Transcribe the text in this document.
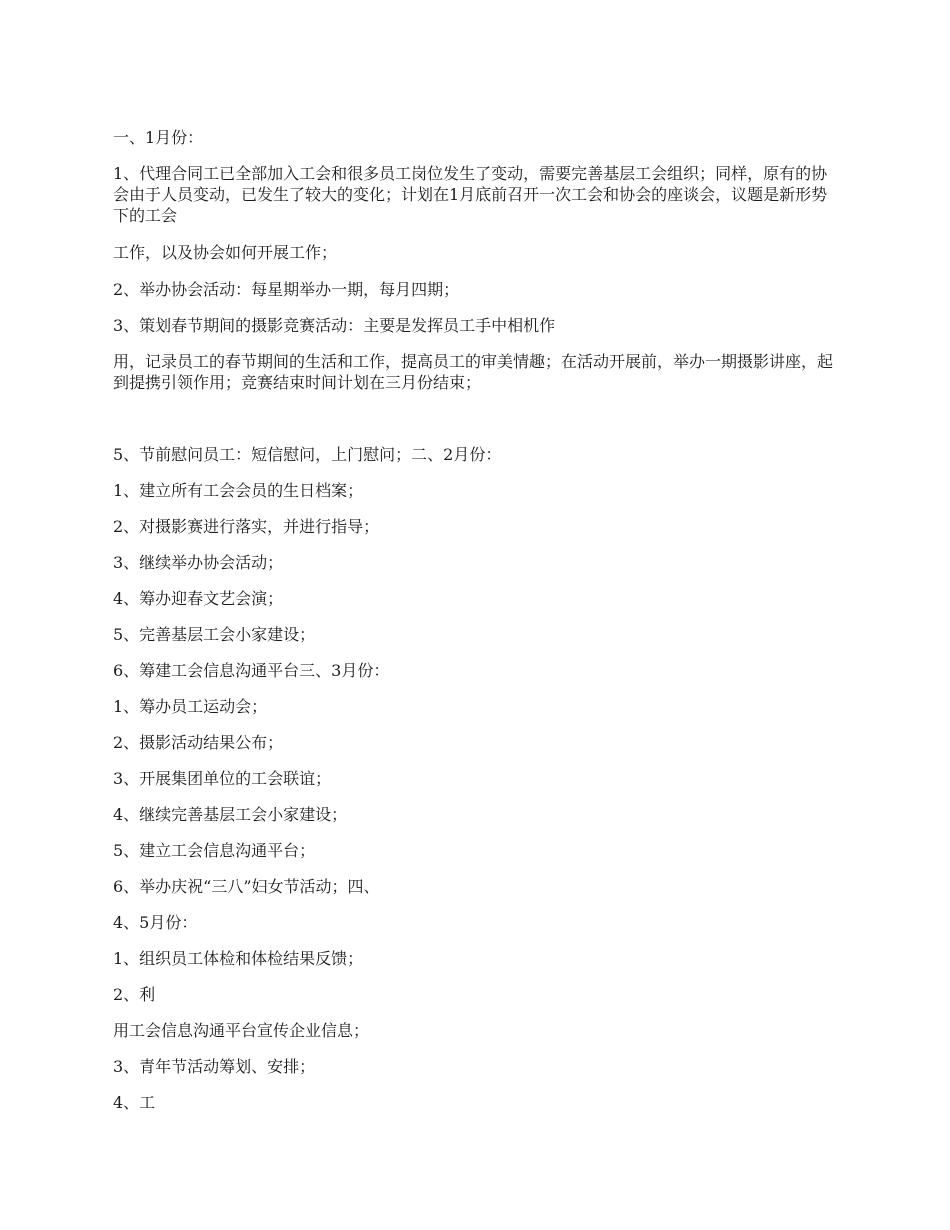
一、1月份：

1、代理合同工已全部加入工会和很多员工岗位发生了变动，需要完善基层工会组织；同样，原有的协会由于人员变动，已发生了较大的变化；计划在1月底前召开一次工会和协会的座谈会，议题是新形势下的工会

工作，以及协会如何开展工作；

2、举办协会活动：每星期举办一期，每月四期；

3、策划春节期间的摄影竞赛活动：主要是发挥员工手中相机作

用，记录员工的春节期间的生活和工作，提高员工的审美情趣；在活动开展前，举办一期摄影讲座，起到提携引领作用；竞赛结束时间计划在三月份结束；

5、节前慰问员工：短信慰问，上门慰问；二、2月份：

1、建立所有工会会员的生日档案；

2、对摄影赛进行落实，并进行指导；

3、继续举办协会活动；

4、筹办迎春文艺会演；

5、完善基层工会小家建设；

6、筹建工会信息沟通平台三、3月份：

1、筹办员工运动会；

2、摄影活动结果公布；

3、开展集团单位的工会联谊；

4、继续完善基层工会小家建设；

5、建立工会信息沟通平台；

6、举办庆祝“三八”妇女节活动；四、

4、5月份：

1、组织员工体检和体检结果反馈；

2、利

用工会信息沟通平台宣传企业信息；

3、青年节活动筹划、安排；

4、工
